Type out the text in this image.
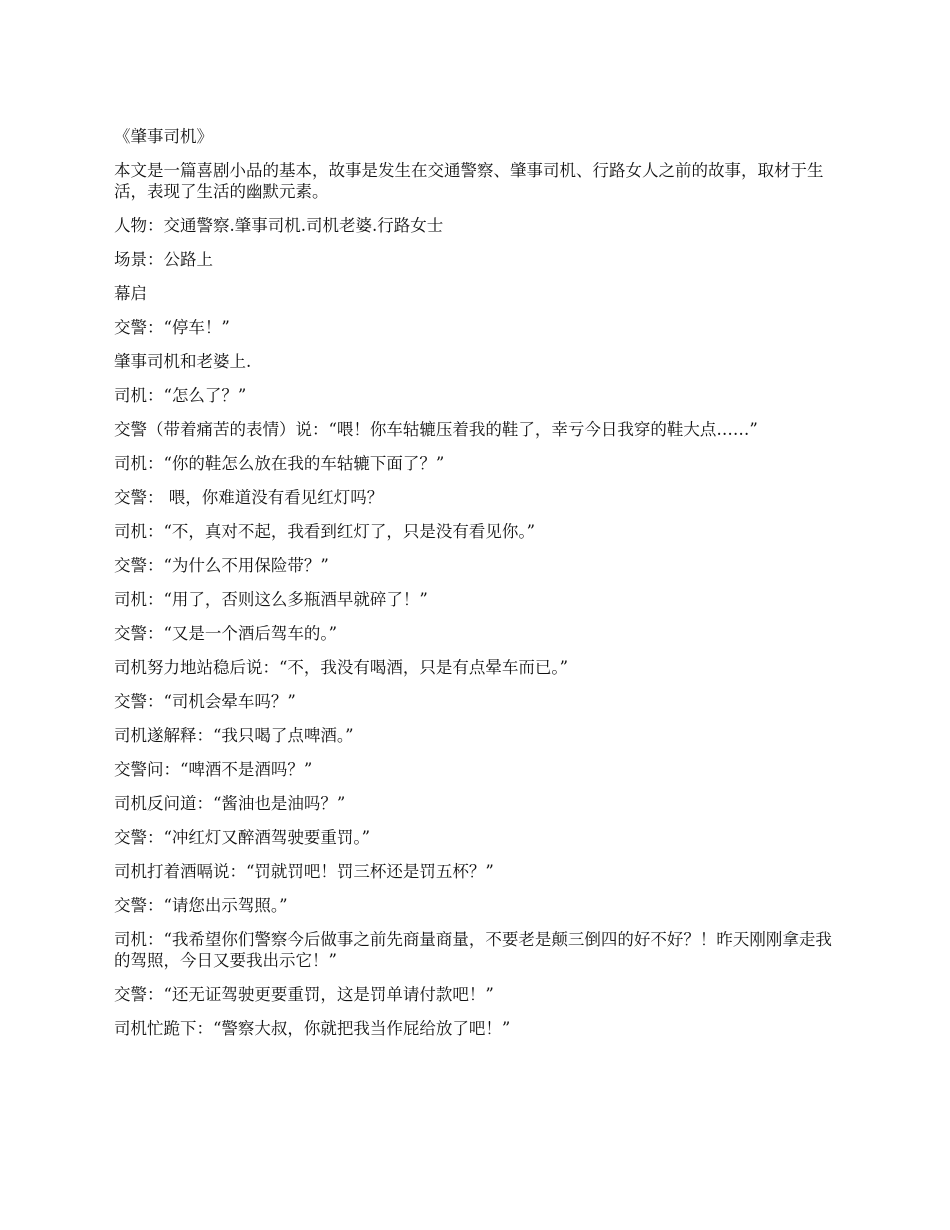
《肇事司机》

本文是一篇喜剧小品的基本，故事是发生在交通警察、肇事司机、行路女人之前的故事，取材于生活，表现了生活的幽默元素。

人物：交通警察.肇事司机.司机老婆.行路女士

场景：公路上

幕启

交警：“停车！”

肇事司机和老婆上.

司机：“怎么了？”

交警（带着痛苦的表情）说：“喂！你车轱辘压着我的鞋了，幸亏今日我穿的鞋大点……”

司机：“你的鞋怎么放在我的车轱辘下面了？”

交警： 喂，你难道没有看见红灯吗？

司机：“不，真对不起，我看到红灯了，只是没有看见你。”

交警：“为什么不用保险带？”

司机：“用了，否则这么多瓶酒早就碎了！”

交警：“又是一个酒后驾车的。”

司机努力地站稳后说：“不，我没有喝酒，只是有点晕车而已。”

交警：“司机会晕车吗？”

司机遂解释：“我只喝了点啤酒。”

交警问：“啤酒不是酒吗？”

司机反问道：“酱油也是油吗？”

交警：“冲红灯又醉酒驾驶要重罚。”

司机打着酒嗝说：“罚就罚吧！罚三杯还是罚五杯？”

交警：“请您出示驾照。”

司机：“我希望你们警察今后做事之前先商量商量，不要老是颠三倒四的好不好？！昨天刚刚拿走我的驾照，今日又要我出示它！”

交警：“还无证驾驶更要重罚，这是罚单请付款吧！”

司机忙跪下：“警察大叔，你就把我当作屁给放了吧！”
